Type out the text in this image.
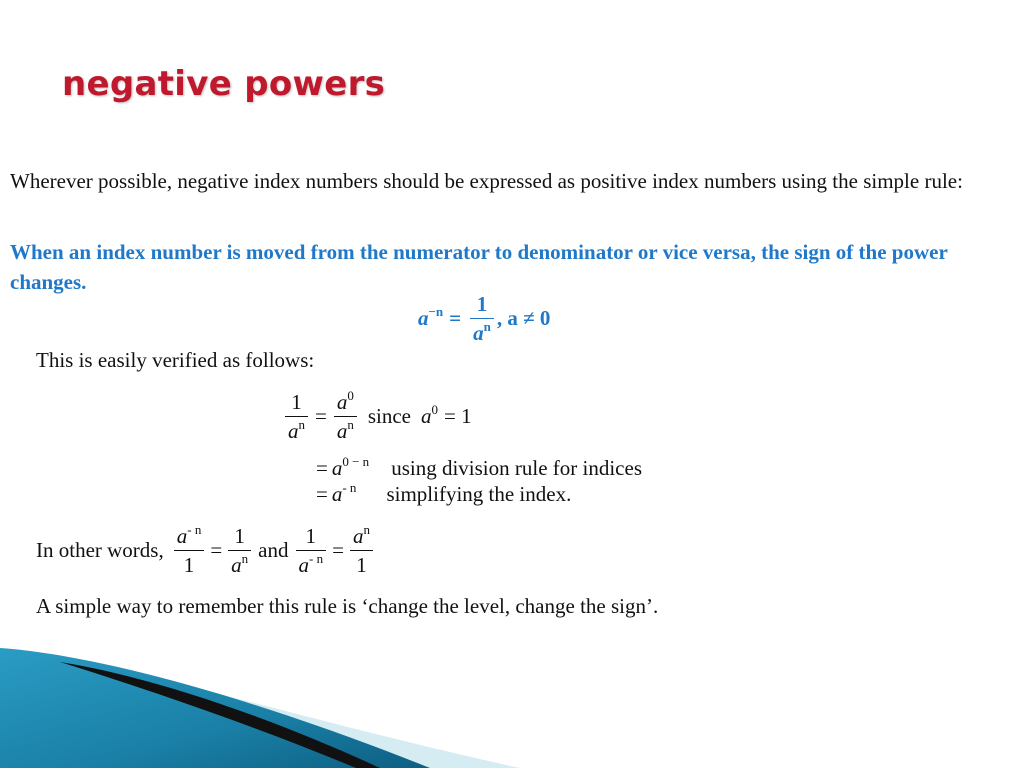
negative powers
Wherever possible, negative index numbers should be expressed as positive index numbers using the simple rule:
When an index number is moved from the numerator to denominator or vice versa, the sign of the power changes.
$a^{-n} = \frac{1}{a^n}$ , a ≠ 0
This is easily verified as follows:
$\frac{1}{a^n} = \frac{a^0}{a^n}$ since $a^0 = 1$
= $a^{0 - n}$ using division rule for indices
= $a^{- n}$ simplifying the index.
In other words, $\frac{a^{- n}}{1} = \frac{1}{a^n}$ and $\frac{1}{a^{- n}} = \frac{a^n}{1}$
A simple way to remember this rule is ‘change the level, change the sign’.
